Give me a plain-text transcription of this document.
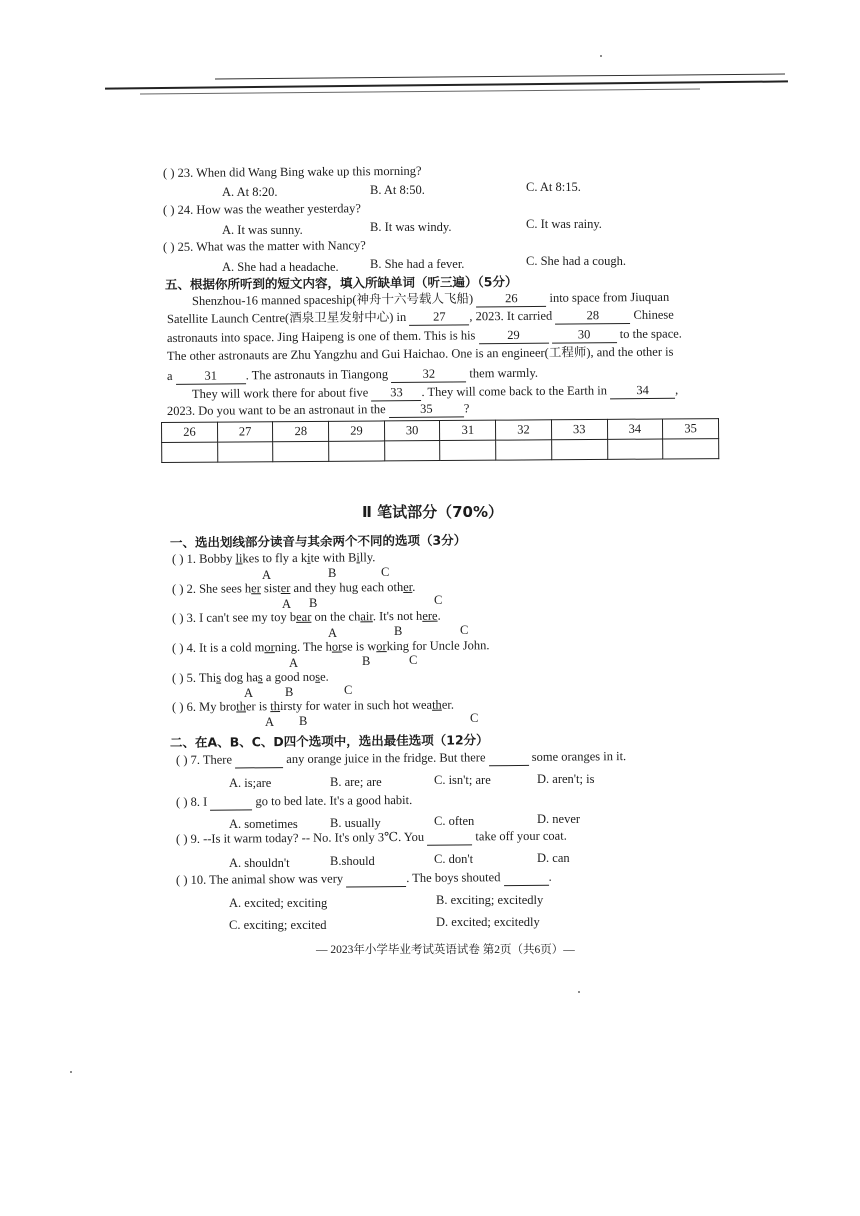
( ) 23. When did Wang Bing wake up this morning?
A. At 8:20.	B. At 8:50.	C. At 8:15.
( ) 24. How was the weather yesterday?
A. It was sunny.	B. It was windy.	C. It was rainy.
( ) 25. What was the matter with Nancy?
A. She had a headache.	B. She had a fever.	C. She had a cough.
五、根据你所听到的短文内容，填入所缺单词（听三遍）（5分）
Shenzhou-16 manned spaceship(神舟十六号载人飞船)	26	into space from Jiuquan
Satellite Launch Centre(酒泉卫星发射中心) in 27 , 2023. It carried	28	Chinese
astronauts into space. Jing Haipeng is one of them. This is his	29	30 to the space.
The other astronauts are Zhu Yangzhu and Gui Haichao. One is an engineer(工程师), and the other is
a	31 . The astronauts in Tiangong	32	them warmly.
They will work there for about five 33 . They will come back to the Earth in 34 ,
2023. Do you want to be an astronaut in the	35 ?
26	27	28	29	30	31	32	33	34	35

Ⅱ 笔试部分（70%）
一、选出划线部分读音与其余两个不同的选项（3分）
( ) 1. Bobby likes to fly a kite with Billy.
A	B	C
( ) 2. She sees her sister and they hug each other.
A B	C
( ) 3. I can't see my toy bear on the chair. It's not here.
A	B	C
( ) 4. It is a cold morning. The horse is working for Uncle John.
A	B	C
( ) 5. This dog has a good nose.
A	B	C
( ) 6. My brother is thirsty for water in such hot weather.
A B	C
二、在A、B、C、D四个选项中，选出最佳选项（12分）
( ) 7. There	any orange juice in the fridge. But there	some oranges in it.
A. is;are	B. are; are	C. isn't; are	D. aren't; is
( ) 8. I	go to bed late. It's a good habit.
A. sometimes	B. usually	C. often	D. never
( ) 9. --Is it warm today? -- No. It's only 3℃. You	take off your coat.
A. shouldn't	B.should	C. don't	D. can
( ) 10. The animal show was very	. The boys shouted	.
A. excited; exciting	B. exciting; excitedly
C. exciting; excited	D. excited; excitedly
— 2023年小学毕业考试英语试卷 第2页（共6页）—
